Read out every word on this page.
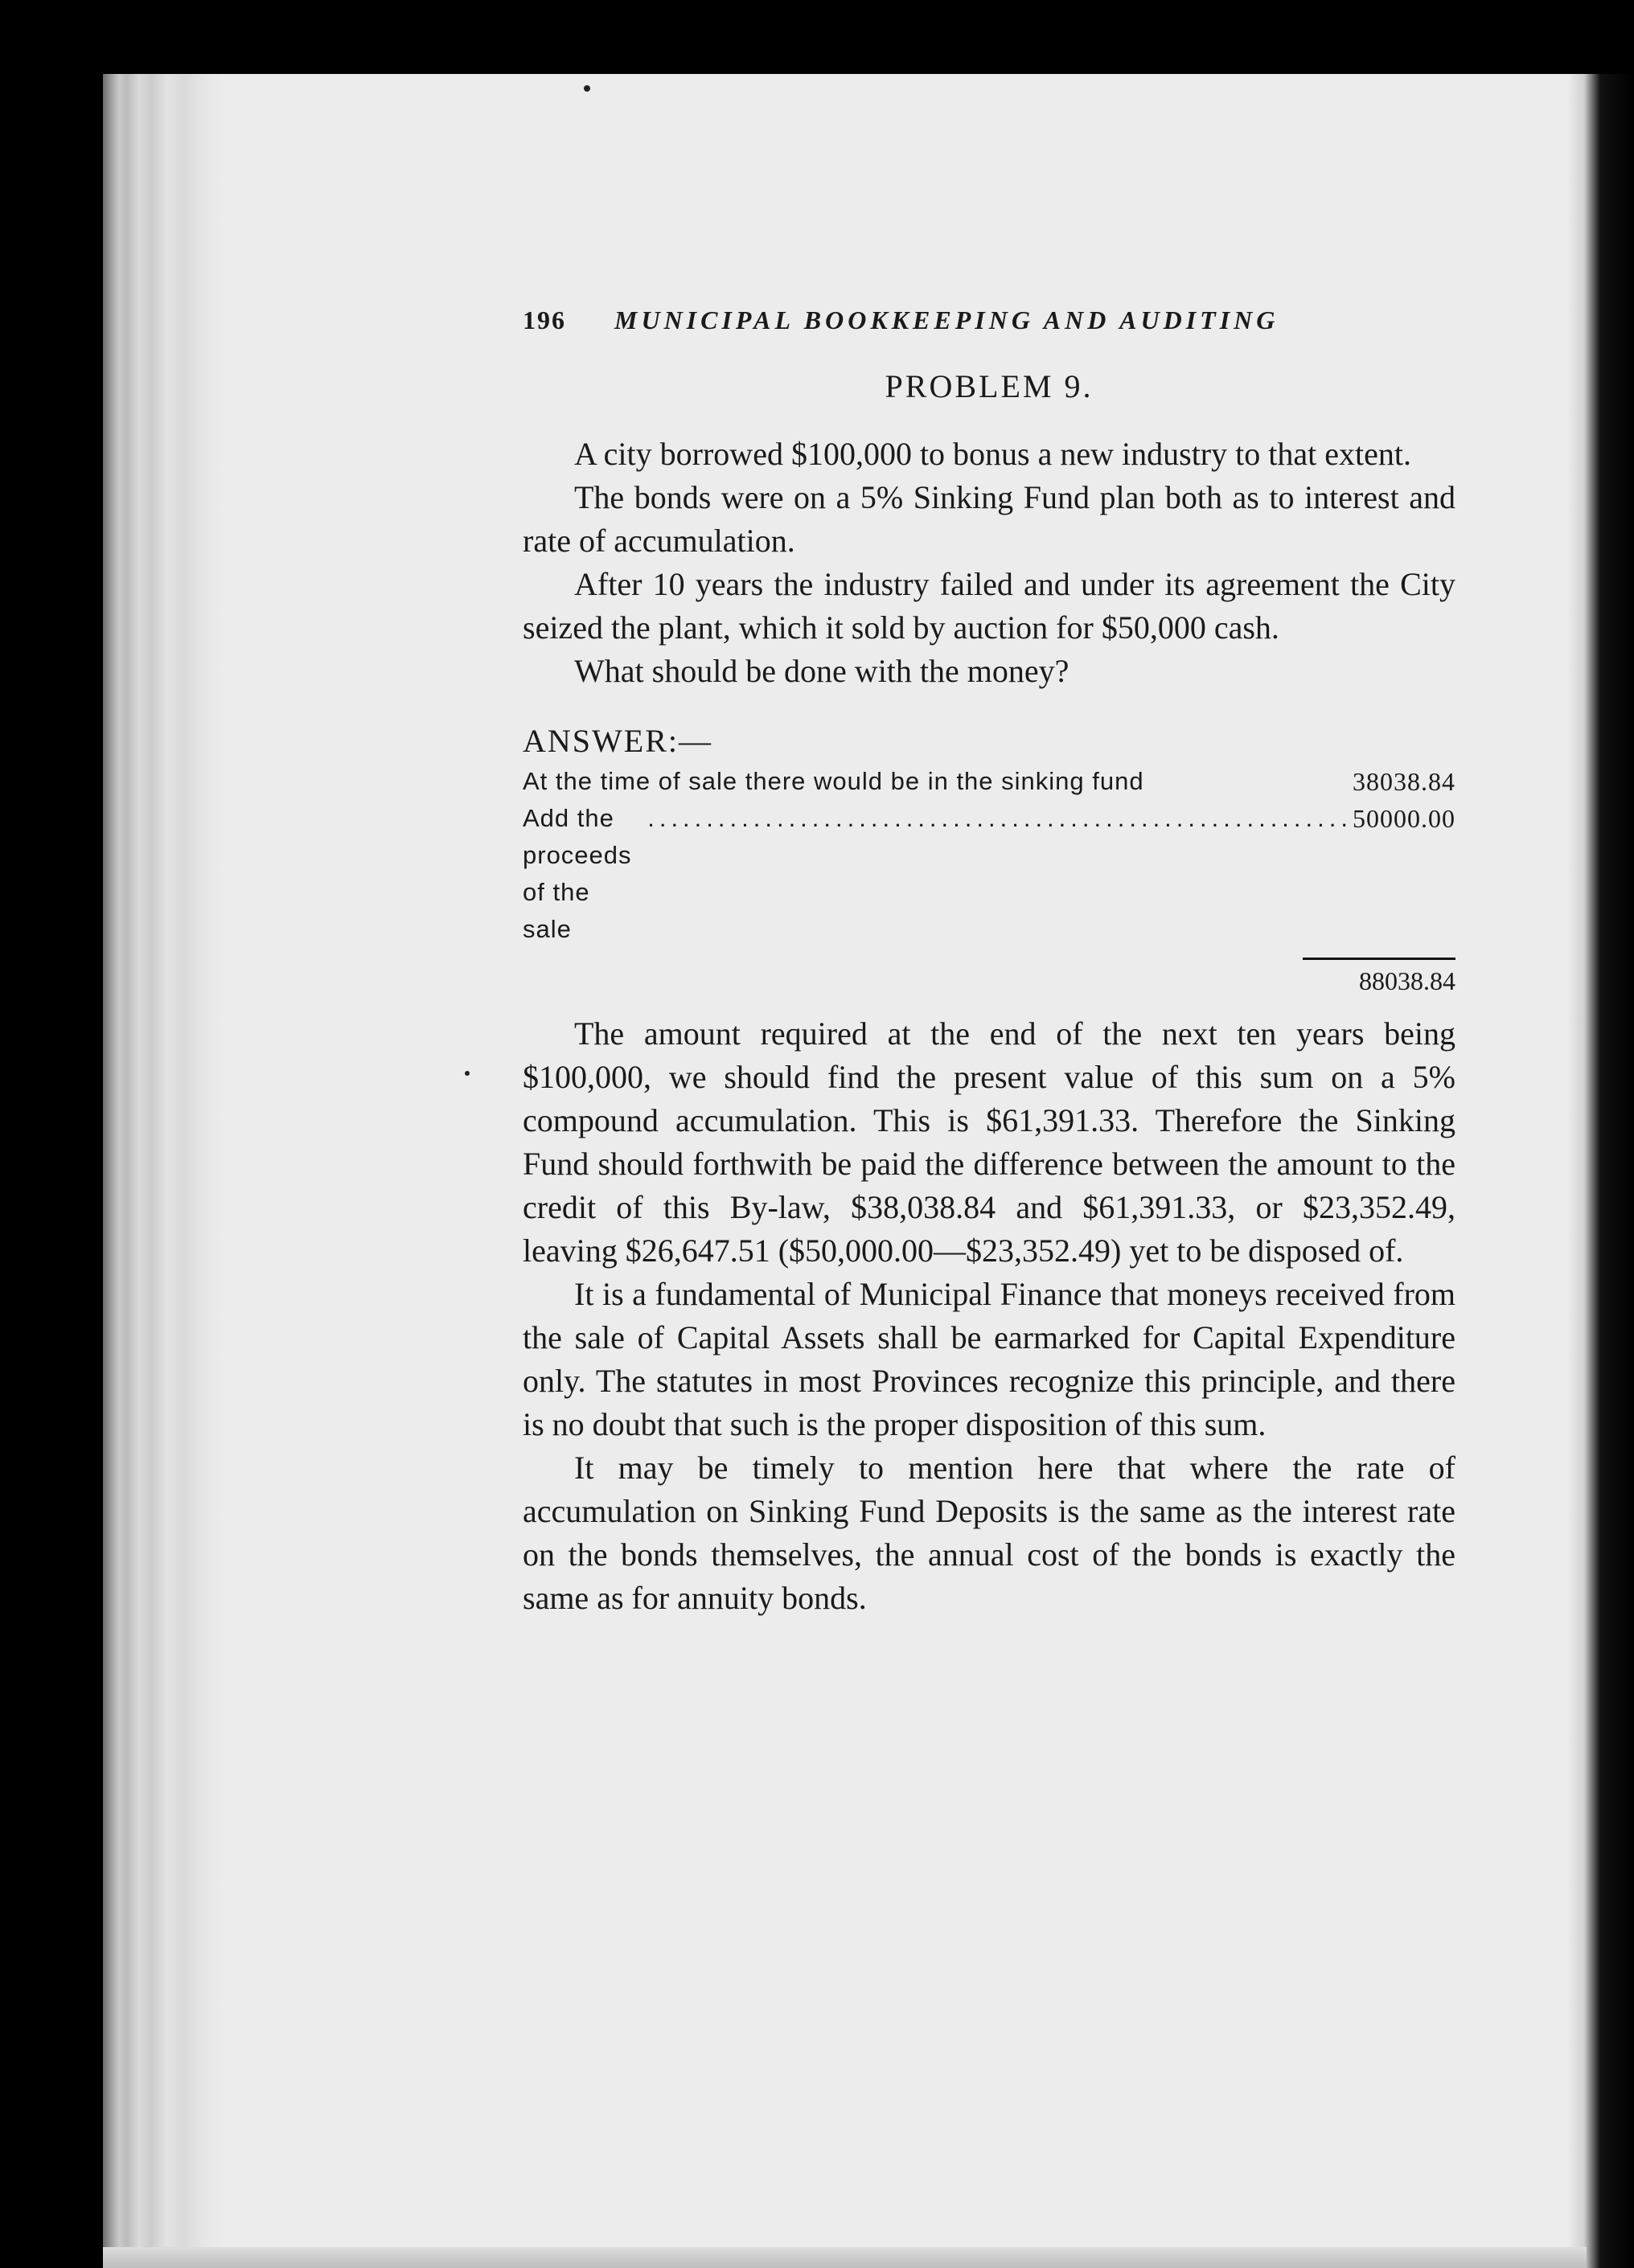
196 MUNICIPAL BOOKKEEPING AND AUDITING
PROBLEM 9.

A city borrowed $100,000 to bonus a new industry to that extent.

The bonds were on a 5% Sinking Fund plan both as to interest and rate of accumulation.

After 10 years the industry failed and under its agreement the City seized the plant, which it sold by auction for $50,000 cash.

What should be done with the money?

ANSWER:—
At the time of sale there would be in the sinking fund	38038.84
Add the proceeds of the sale
............................................................ 50000.00
88038.84

The amount required at the end of the next ten years being $100,000, we should find the present value of this sum on a 5% compound accumulation. This is $61,391.33. Therefore the Sinking Fund should forthwith be paid the difference between the amount to the credit of this By-law, $38,038.84 and $61,391.33, or $23,352.49, leaving $26,647.51 ($50,000.00—$23,352.49) yet to be disposed of.

It is a fundamental of Municipal Finance that moneys received from the sale of Capital Assets shall be earmarked for Capital Expenditure only. The statutes in most Provinces recognize this principle, and there is no doubt that such is the proper disposition of this sum.

It may be timely to mention here that where the rate of accumulation on Sinking Fund Deposits is the same as the interest rate on the bonds themselves, the annual cost of the bonds is exactly the same as for annuity bonds.
